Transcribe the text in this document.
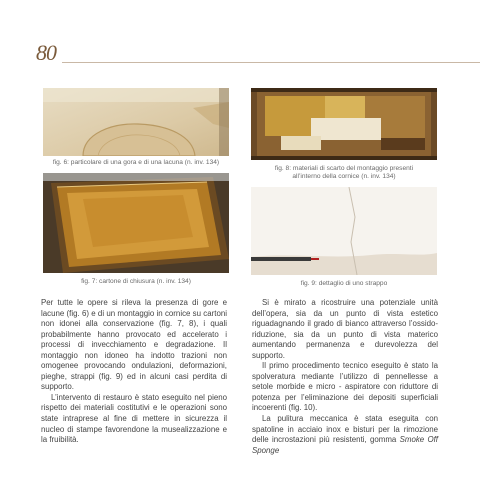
80
fig. 6: particolare di una gora e di una lacuna (n. inv. 134)
fig. 8: materiali di scarto del montaggio presenti
all’interno della cornice (n. inv. 134)
fig. 7: cartone di chiusura (n. inv. 134)	fig. 9: dettaglio di uno strappo

Per tutte le opere si rileva la presenza di gore e lacune (fig. 6) e di un montaggio in cornice su cartoni non idonei alla conservazione (fig. 7, 8), i quali probabilmente hanno provocato ed accelerato i processi di invecchiamento e degradazione. Il montaggio non idoneo ha indotto trazioni non omogenee provocando ondulazioni, deformazioni, pieghe, strappi (fig. 9) ed in alcuni casi perdita di supporto.

L’intervento di restauro è stato eseguito nel pieno rispetto dei materiali costitutivi e le operazioni sono state intraprese al fine di mettere in sicurezza il nucleo di stampe favorendone la musealizzazione e la fruibilità.

Si è mirato a ricostruire una potenziale unità dell’opera, sia da un punto di vista estetico riguadagnando il grado di bianco attraverso l’ossido-riduzione, sia da un punto di vista materico aumentando permanenza e durevolezza del supporto.

Il primo procedimento tecnico eseguito è stato la spolveratura mediante l’utilizzo di pennellesse a setole morbide e micro - aspiratore con riduttore di potenza per l’eliminazione dei depositi superficiali incoerenti (fig. 10).

La pulitura meccanica è stata eseguita con spatoline in acciaio inox e bisturi per la rimozione delle incrostazioni più resistenti, gomma Smoke Off Sponge
